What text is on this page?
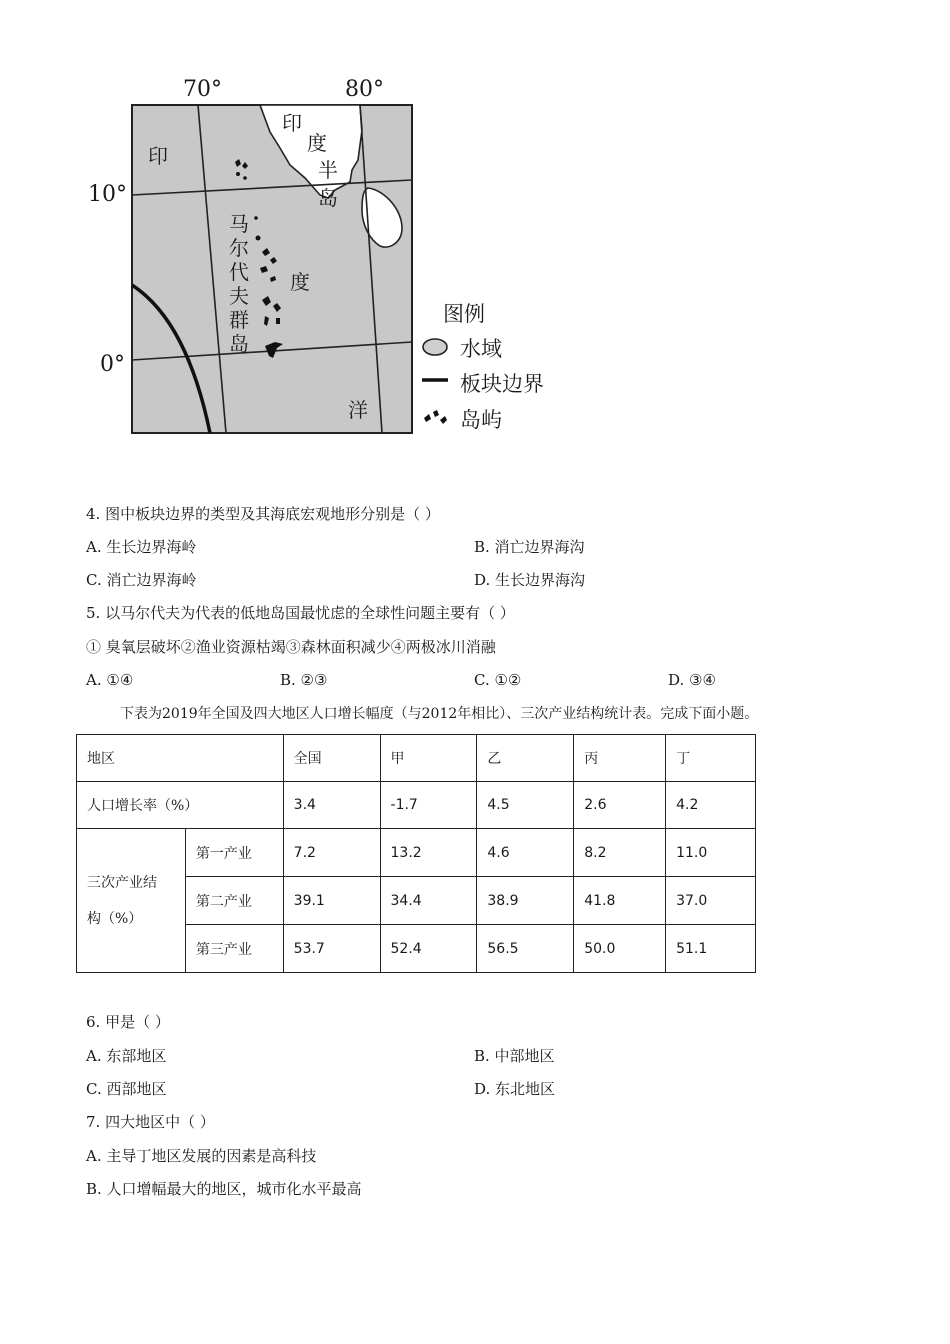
70°	80°
10°
0°
印
印
度
半
岛
马
尔
代
夫
群
岛
度
洋
图例
水域
板块边界
岛屿
4. 图中板块边界的类型及其海底宏观地形分别是（ ）
A. 生长边界海岭	B. 消亡边界海沟
C. 消亡边界海岭	D. 生长边界海沟
5. 以马尔代夫为代表的低地岛国最忧虑的全球性问题主要有（ ）
① 臭氧层破坏②渔业资源枯竭③森林面积减少④两极冰川消融
A. ①④	B. ②③	C. ①②	D. ③④
下表为2019年全国及四大地区人口增长幅度（与2012年相比）、三次产业结构统计表。完成下面小题。
地区		全国	甲	乙	丙	丁
人口增长率（%）		3.4	-1.7	4.5	2.6	4.2

三次产业结
构（%）	第一产业	7.2	13.2	4.6	8.2	11.0
	第二产业	39.1	34.4	38.9	41.8	37.0
	第三产业	53.7	52.4	56.5	50.0	51.1
6. 甲是（ ）
A. 东部地区	B. 中部地区
C. 西部地区	D. 东北地区
7. 四大地区中（ ）
A. 主导丁地区发展的因素是高科技
B. 人口增幅最大的地区，城市化水平最高
